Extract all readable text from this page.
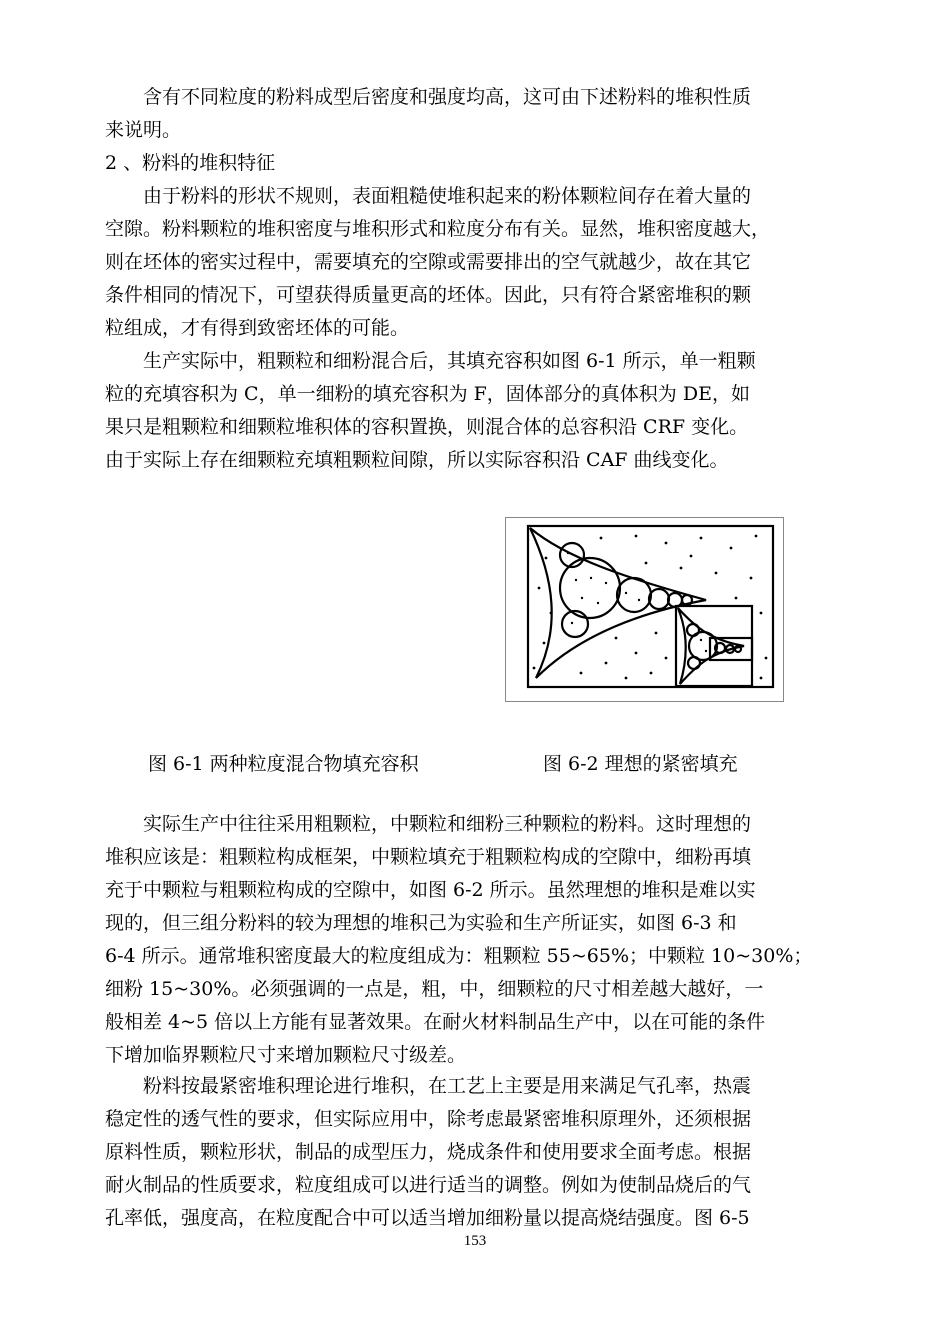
含有不同粒度的粉料成型后密度和强度均高，这可由下述粉料的堆积性质
来说明。

2 、粉料的堆积特征

由于粉料的形状不规则，表面粗糙使堆积起来的粉体颗粒间存在着大量的
空隙。粉料颗粒的堆积密度与堆积形式和粒度分布有关。显然，堆积密度越大，
则在坯体的密实过程中，需要填充的空隙或需要排出的空气就越少，故在其它
条件相同的情况下，可望获得质量更高的坯体。因此，只有符合紧密堆积的颗
粒组成，才有得到致密坯体的可能。
生产实际中，粗颗粒和细粉混合后，其填充容积如图 6-1 所示，单一粗颗
粒的充填容积为 C，单一细粉的填充容积为 F，固体部分的真体积为 DE，如
果只是粗颗粒和细颗粒堆积体的容积置换，则混合体的总容积沿 CRF 变化。
由于实际上存在细颗粒充填粗颗粒间隙，所以实际容积沿 CAF 曲线变化。

图 6-1 两种粒度混合物填充容积	图 6-2 理想的紧密填充

实际生产中往往采用粗颗粒，中颗粒和细粉三种颗粒的粉料。这时理想的
堆积应该是：粗颗粒构成框架，中颗粒填充于粗颗粒构成的空隙中，细粉再填
充于中颗粒与粗颗粒构成的空隙中，如图 6-2 所示。虽然理想的堆积是难以实
现的，但三组分粉料的较为理想的堆积己为实验和生产所证实，如图 6-3 和
6-4 所示。通常堆积密度最大的粒度组成为：粗颗粒 55~65%；中颗粒 10~30%；
细粉 15~30%。必须强调的一点是，粗，中，细颗粒的尺寸相差越大越好，一
般相差 4~5 倍以上方能有显著效果。在耐火材料制品生产中，以在可能的条件
下增加临界颗粒尺寸来增加颗粒尺寸级差。
粉料按最紧密堆积理论进行堆积，在工艺上主要是用来满足气孔率，热震
稳定性的透气性的要求，但实际应用中，除考虑最紧密堆积原理外，还须根据
原料性质，颗粒形状，制品的成型压力，烧成条件和使用要求全面考虑。根据
耐火制品的性质要求，粒度组成可以进行适当的调整。例如为使制品烧后的气
孔率低，强度高，在粒度配合中可以适当增加细粉量以提高烧结强度。图 6-5

153
